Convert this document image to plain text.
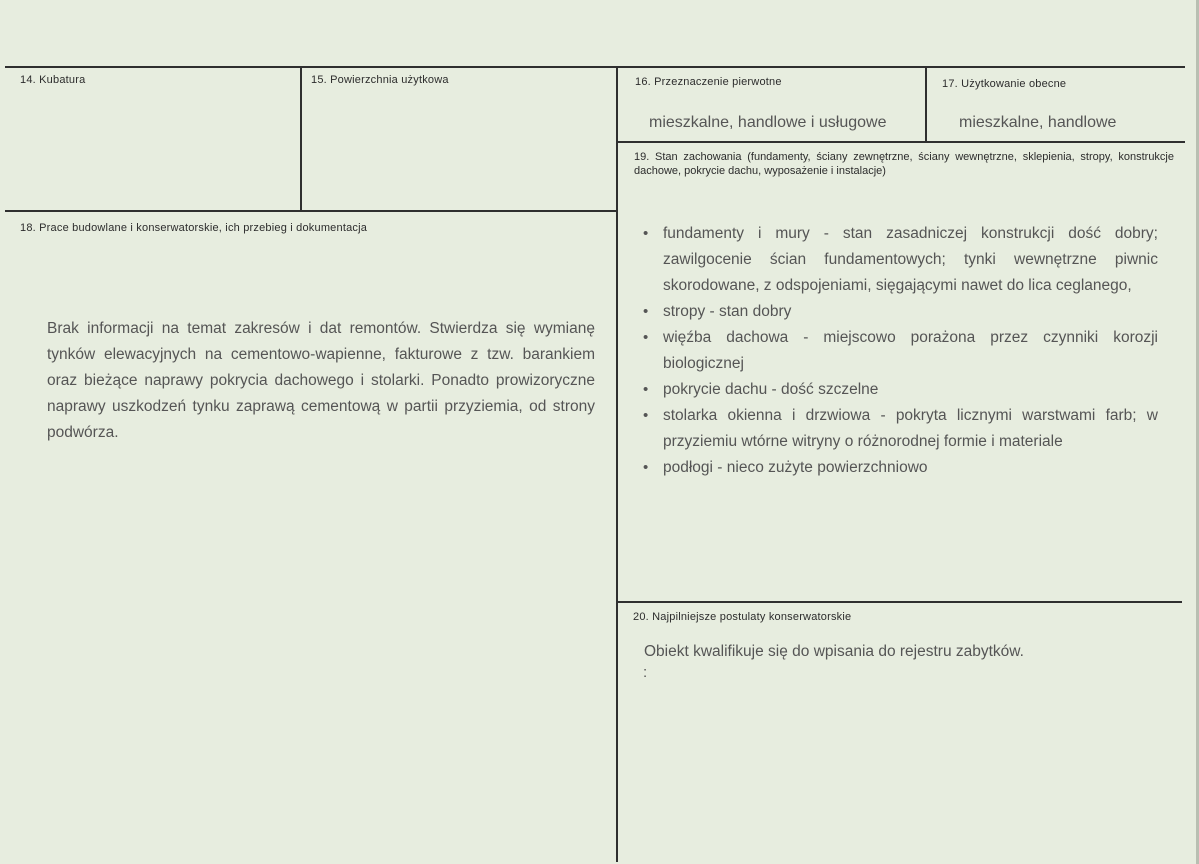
14. Kubatura	15. Powierzchnia użytkowa	16. Przeznaczenie pierwotne
mieszkalne, handlowe i usługowe
17. Użytkowanie obecne
mieszkalne, handlowe
18. Prace budowlane i konserwatorskie, ich przebieg i dokumentacja
Brak informacji na temat zakresów i dat remontów. Stwierdza się wymianę tynków elewacyjnych na cementowo-wapienne, fakturowe z tzw. barankiem oraz bieżące naprawy pokrycia dachowego i stolarki. Ponadto prowizoryczne naprawy uszkodzeń tynku zaprawą cementową w partii przyziemia, od strony podwórza.
19. Stan zachowania (fundamenty, ściany zewnętrzne, ściany wewnętrzne, sklepienia, stropy, konstrukcje dachowe, pokrycie dachu, wyposażenie i instalacje)
• fundamenty i mury - stan zasadniczej konstrukcji dość dobry; zawilgocenie ścian fundamentowych; tynki wewnętrzne piwnic skorodowane, z odspojeniami, sięgającymi nawet do lica ceglanego,
• stropy - stan dobry
• więźba dachowa - miejscowo porażona przez czynniki korozji biologicznej
• pokrycie dachu - dość szczelne
• stolarka okienna i drzwiowa - pokryta licznymi warstwami farb; w przyziemiu wtórne witryny o różnorodnej formie i materiale
• podłogi - nieco zużyte powierzchniowo
20. Najpilniejsze postulaty konserwatorskie
Obiekt kwalifikuje się do wpisania do rejestru zabytków.
:
